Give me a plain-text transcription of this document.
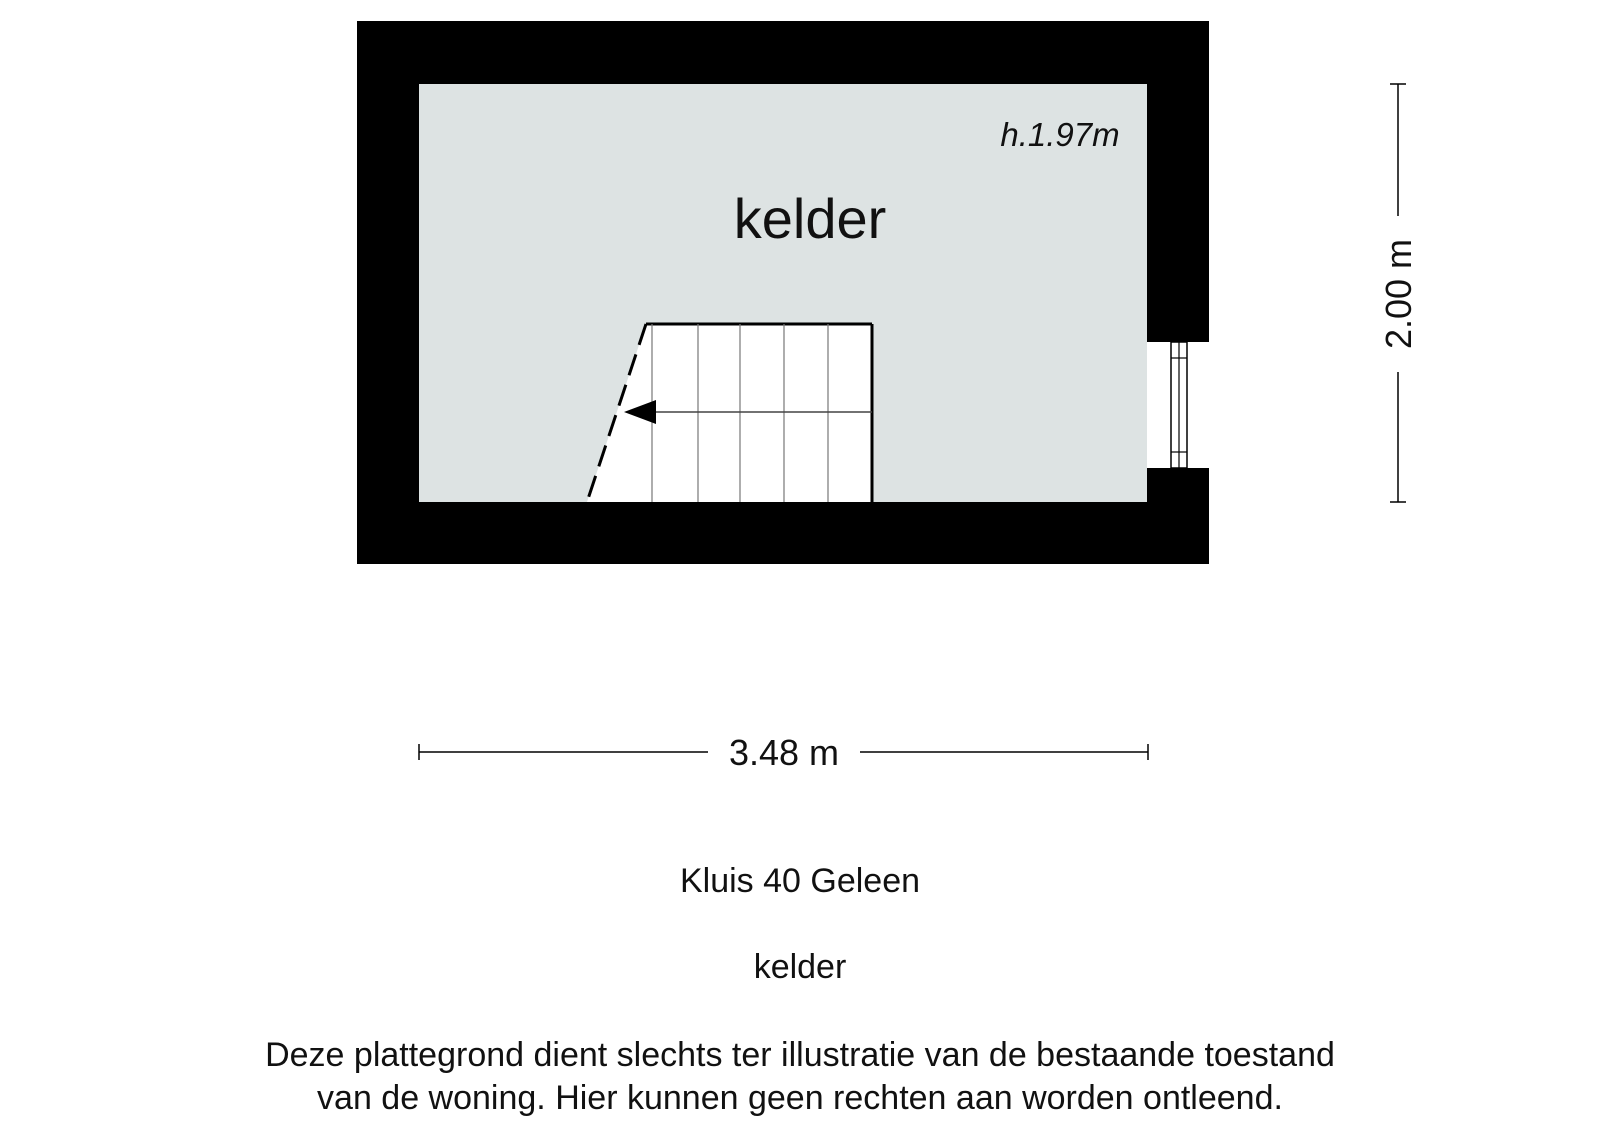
kelder
h.1.97m
3.48 m
2.00 m
Kluis 40 Geleen
kelder
Deze plattegrond dient slechts ter illustratie van de bestaande toestand
van de woning. Hier kunnen geen rechten aan worden ontleend.
